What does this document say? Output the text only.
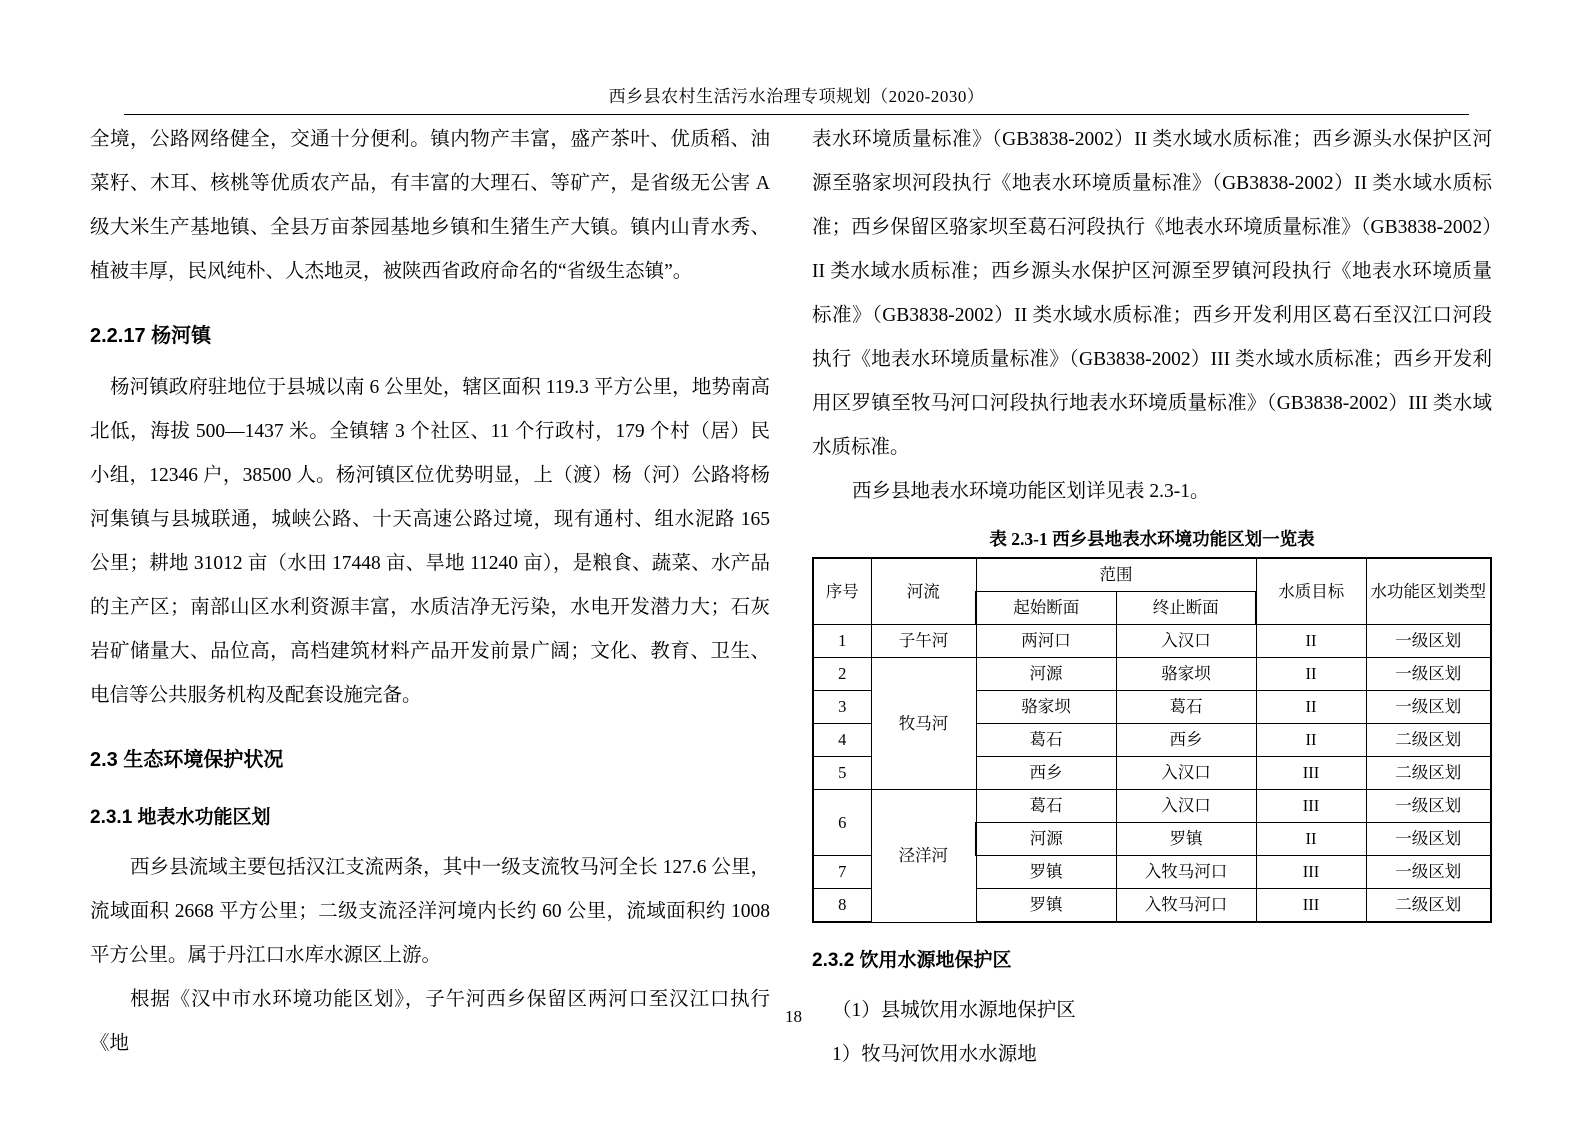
西乡县农村生活污水治理专项规划（2020-2030）

全境，公路网络健全，交通十分便利。镇内物产丰富，盛产茶叶、优质稻、油菜籽、木耳、核桃等优质农产品，有丰富的大理石、等矿产，是省级无公害 A 级大米生产基地镇、全县万亩茶园基地乡镇和生猪生产大镇。镇内山青水秀、植被丰厚，民风纯朴、人杰地灵，被陕西省政府命名的“省级生态镇”。

2.2.17 杨河镇

杨河镇政府驻地位于县城以南 6 公里处，辖区面积 119.3 平方公里，地势南高北低，海拔 500—1437 米。全镇辖 3 个社区、11 个行政村，179 个村（居）民小组，12346 户，38500 人。杨河镇区位优势明显，上（渡）杨（河）公路将杨河集镇与县城联通，城峡公路、十天高速公路过境，现有通村、组水泥路 165 公里；耕地 31012 亩（水田 17448 亩、旱地 11240 亩），是粮食、蔬菜、水产品的主产区；南部山区水利资源丰富，水质洁净无污染，水电开发潜力大；石灰岩矿储量大、品位高，高档建筑材料产品开发前景广阔；文化、教育、卫生、电信等公共服务机构及配套设施完备。

2.3 生态环境保护状况
2.3.1 地表水功能区划

西乡县流域主要包括汉江支流两条，其中一级支流牧马河全长 127.6 公里，流域面积 2668 平方公里；二级支流泾洋河境内长约 60 公里，流域面积约 1008 平方公里。属于丹江口水库水源区上游。

根据《汉中市水环境功能区划》，子午河西乡保留区两河口至汉江口执行《地

表水环境质量标准》（GB3838-2002）II 类水域水质标准；西乡源头水保护区河源至骆家坝河段执行《地表水环境质量标准》（GB3838-2002）II 类水域水质标准；西乡保留区骆家坝至葛石河段执行《地表水环境质量标准》（GB3838-2002）II 类水域水质标准；西乡源头水保护区河源至罗镇河段执行《地表水环境质量标准》（GB3838-2002）II 类水域水质标准；西乡开发利用区葛石至汉江口河段执行《地表水环境质量标准》（GB3838-2002）III 类水域水质标准；西乡开发利用区罗镇至牧马河口河段执行地表水环境质量标准》（GB3838-2002）III 类水域水质标准。

西乡县地表水环境功能区划详见表 2.3-1。

表 2.3-1 西乡县地表水环境功能区划一览表
序号	河流	范围		水质目标	水功能区划类型
		起始断面	终止断面		
1	子午河	两河口	入汉口	II	一级区划
2	牧马河	河源	骆家坝	II	一级区划
3		骆家坝	葛石	II	一级区划
4		葛石	西乡	II	二级区划
5		西乡	入汉口	III	二级区划
6	泾洋河	葛石	入汉口	III	一级区划
		河源	罗镇	II	一级区划
7		罗镇	入牧马河口	III	一级区划
8		罗镇	入牧马河口	III	二级区划
2.3.2 饮用水源地保护区

（1）县城饮用水源地保护区

1）牧马河饮用水水源地

18
